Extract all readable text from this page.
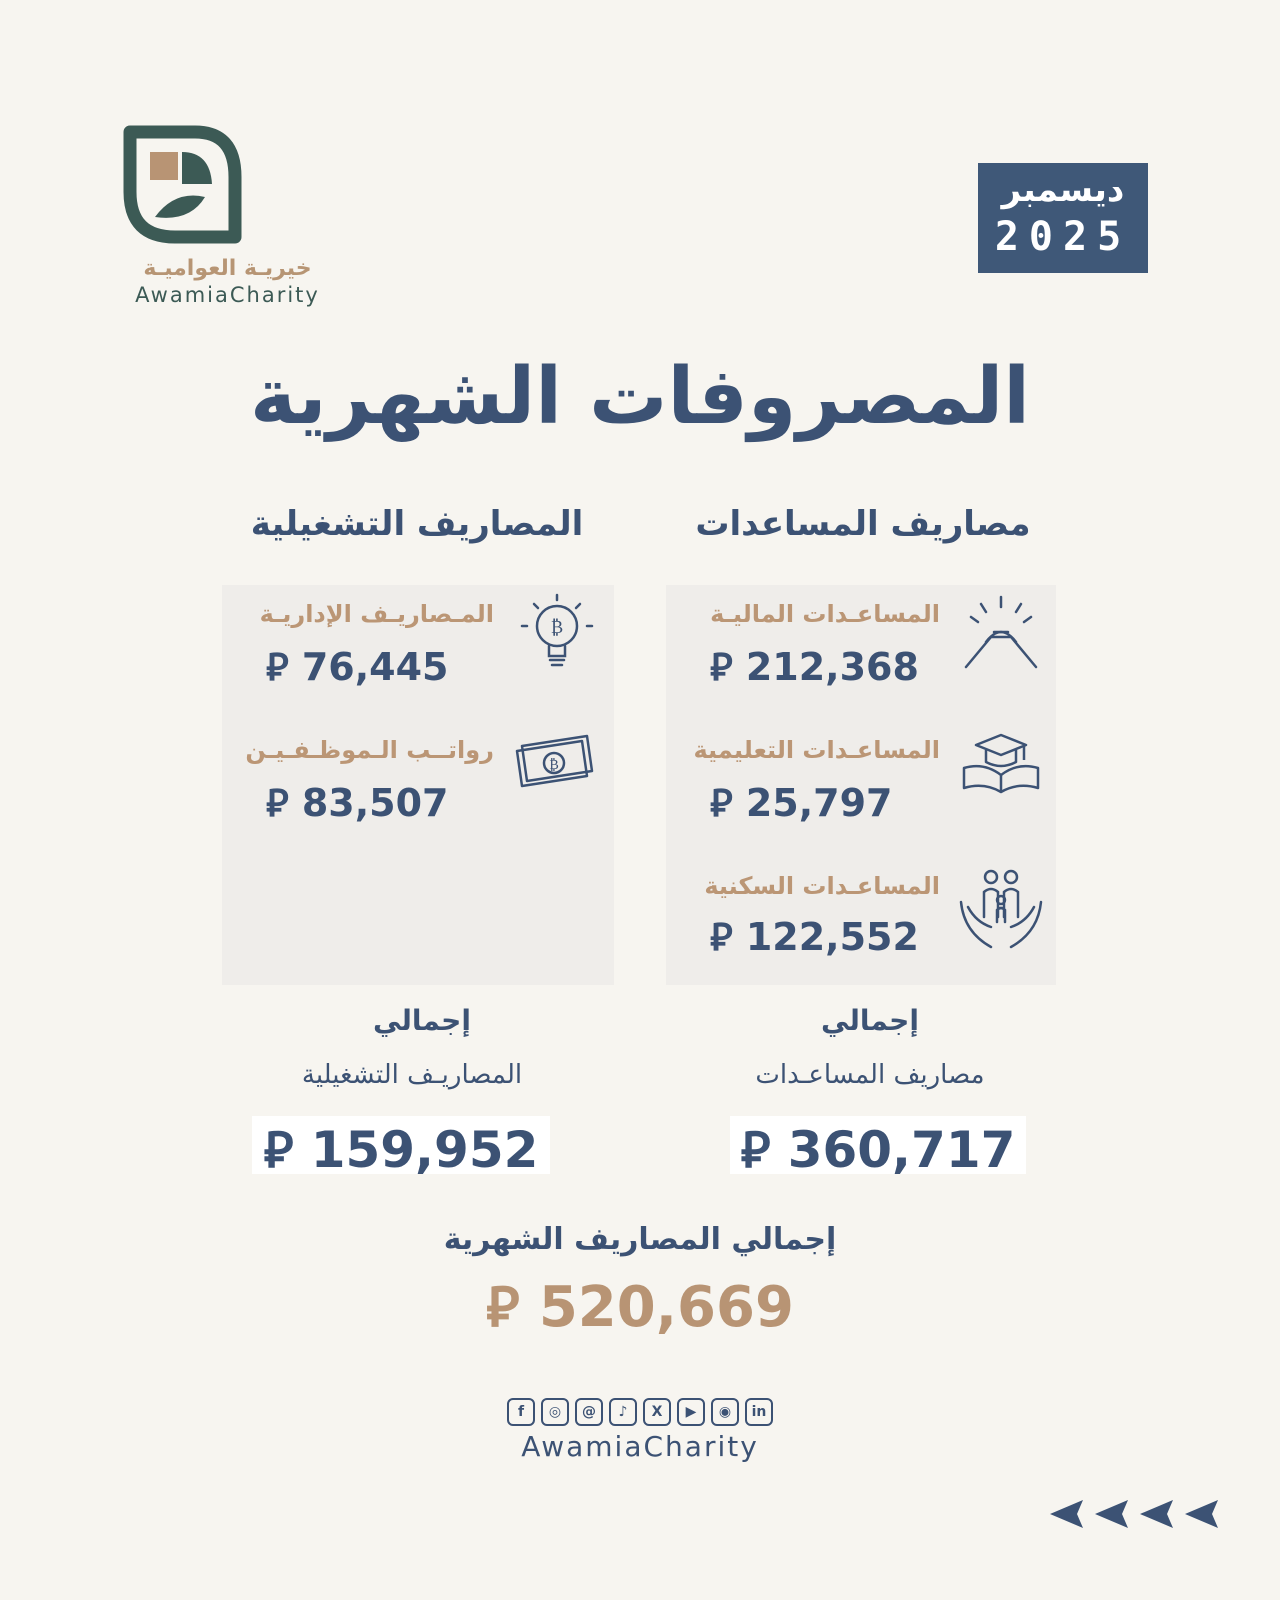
خيريـة العواميـة
AwamiaCharity
ديسمبر
2025
المصروفات الشهرية
مصاريف المساعدات
المصاريف التشغيلية
المساعـدات الماليـة
⃁ 212,368
المساعـدات التعليمية
⃁ 25,797
المساعـدات السكنية
⃁ 122,552
المـصاريـف الإداريـة
⃁ 76,445
₿
رواتــب الـموظـفـيـن
⃁ 83,507
₿
إجمالي
مصاريف المساعـدات
⃁ 360,717
إجمالي
المصاريـف التشغيلية
⃁ 159,952
إجمالي المصاريف الشهرية
⃁ 520,669
f	◎	@	♪	X	▶	◉	in
AwamiaCharity
